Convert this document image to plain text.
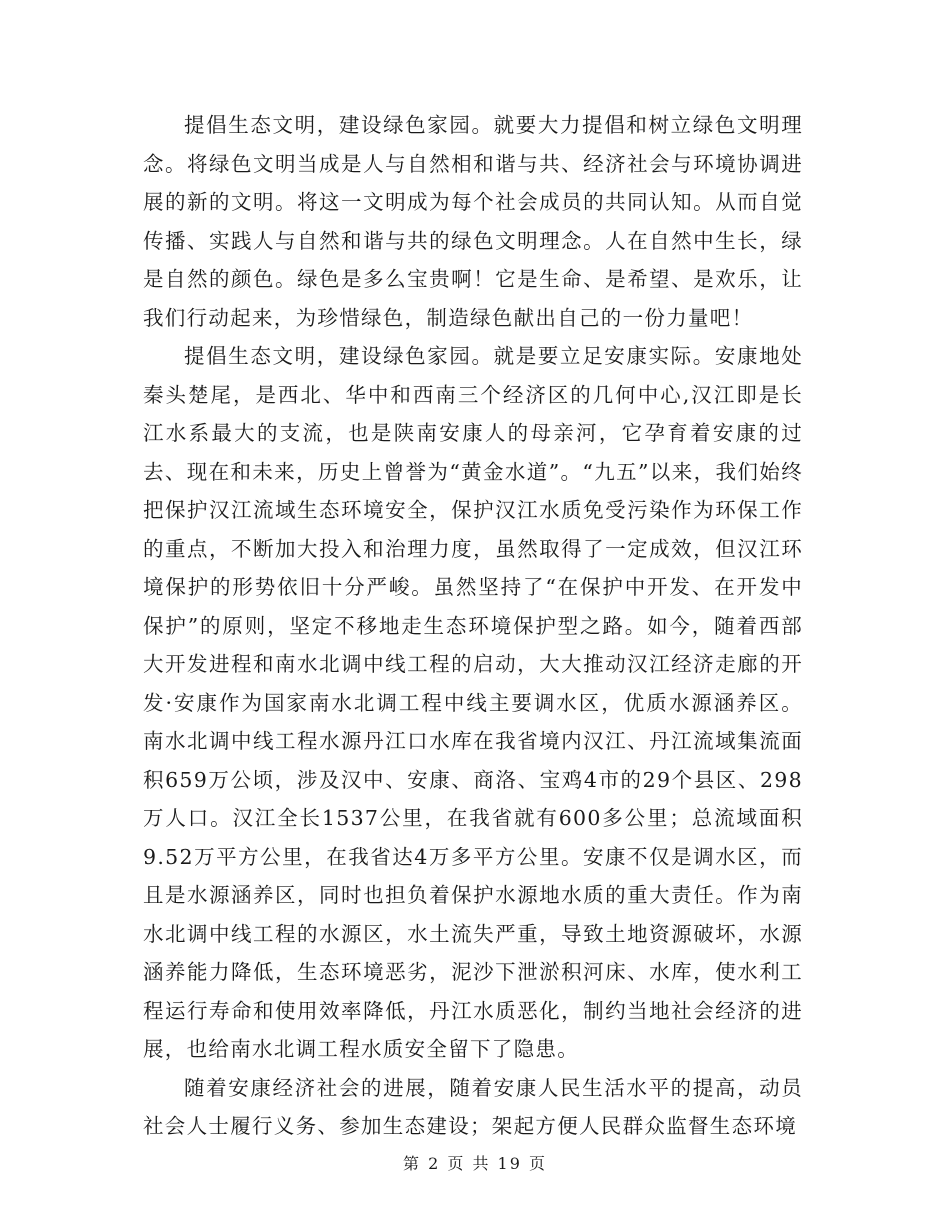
提倡生态文明，建设绿色家园。就要大力提倡和树立绿色文明理念。将绿色文明当成是人与自然相和谐与共、经济社会与环境协调进展的新的文明。将这一文明成为每个社会成员的共同认知。从而自觉传播、实践人与自然和谐与共的绿色文明理念。人在自然中生长，绿是自然的颜色。绿色是多么宝贵啊！它是生命、是希望、是欢乐，让我们行动起来，为珍惜绿色，制造绿色献出自己的一份力量吧！

提倡生态文明，建设绿色家园。就是要立足安康实际。安康地处秦头楚尾，是西北、华中和西南三个经济区的几何中心,汉江即是长江水系最大的支流，也是陕南安康人的母亲河，它孕育着安康的过去、现在和未来，历史上曾誉为“黄金水道”。“九五”以来，我们始终把保护汉江流域生态环境安全，保护汉江水质免受污染作为环保工作的重点，不断加大投入和治理力度，虽然取得了一定成效，但汉江环境保护的形势依旧十分严峻。虽然坚持了“在保护中开发、在开发中保护”的原则，坚定不移地走生态环境保护型之路。如今，随着西部大开发进程和南水北调中线工程的启动，大大推动汉江经济走廊的开发·安康作为国家南水北调工程中线主要调水区，优质水源涵养区。南水北调中线工程水源丹江口水库在我省境内汉江、丹江流域集流面积659万公顷，涉及汉中、安康、商洛、宝鸡4市的29个县区、298万人口。汉江全长1537公里，在我省就有600多公里；总流域面积9.52万平方公里，在我省达4万多平方公里。安康不仅是调水区，而且是水源涵养区，同时也担负着保护水源地水质的重大责任。作为南水北调中线工程的水源区，水土流失严重，导致土地资源破坏，水源涵养能力降低，生态环境恶劣，泥沙下泄淤积河床、水库，使水利工程运行寿命和使用效率降低，丹江水质恶化，制约当地社会经济的进展，也给南水北调工程水质安全留下了隐患。

随着安康经济社会的进展，随着安康人民生活水平的提高，动员社会人士履行义务、参加生态建设；架起方便人民群众监督生态环境

第 2 页 共 19 页
